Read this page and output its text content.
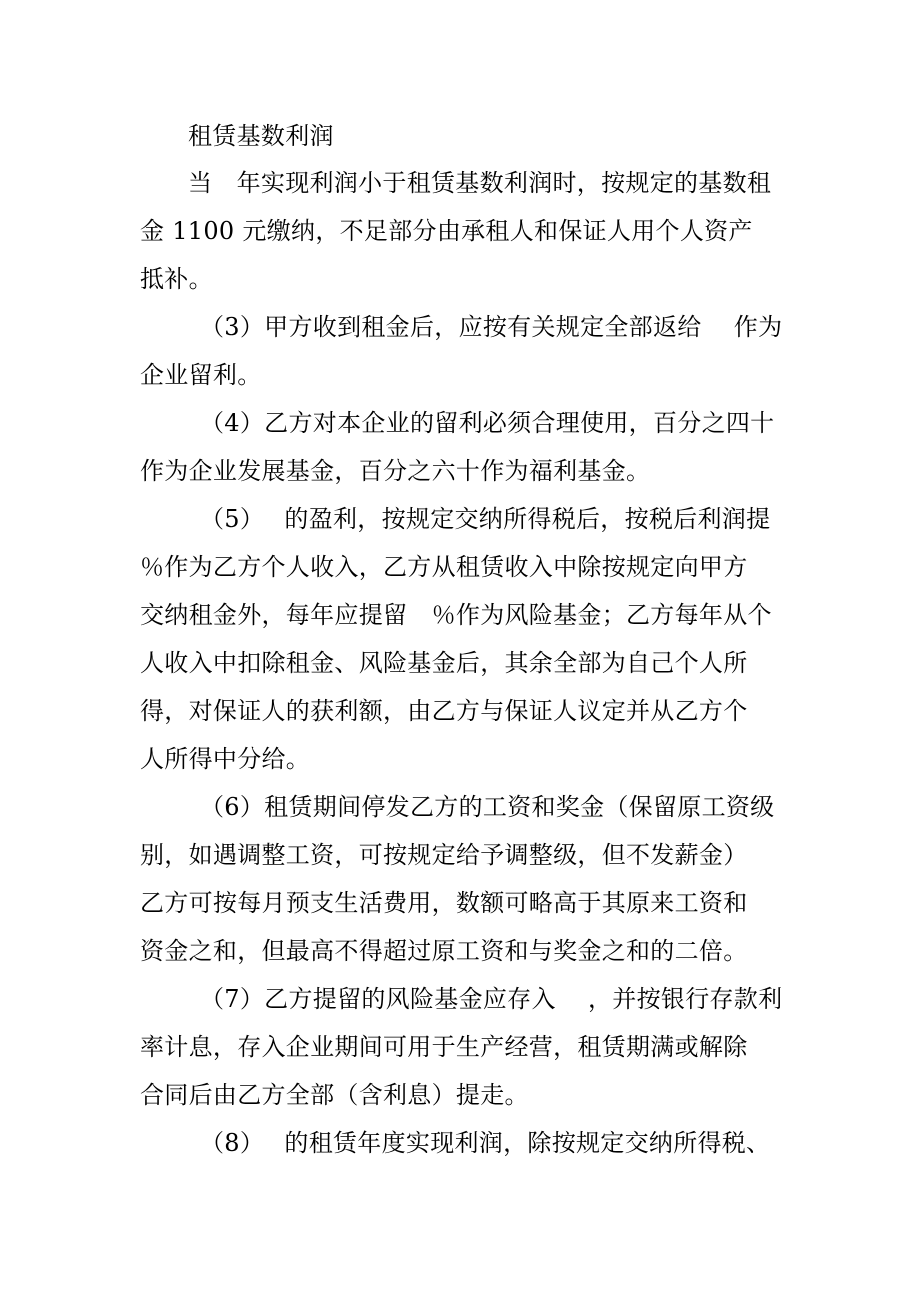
租赁基数利润
当　年实现利润小于租赁基数利润时，按规定的基数租
金 1100 元缴纳，不足部分由承租人和保证人用个人资产
抵补。
（3）甲方收到租金后，应按有关规定全部返给　 作为
企业留利。
（4）乙方对本企业的留利必须合理使用，百分之四十
作为企业发展基金，百分之六十作为福利基金。
（5）　 的盈利，按规定交纳所得税后，按税后利润提
％作为乙方个人收入，乙方从租赁收入中除按规定向甲方
交纳租金外，每年应提留　％作为风险基金；乙方每年从个
人收入中扣除租金、风险基金后，其余全部为自己个人所
得，对保证人的获利额，由乙方与保证人议定并从乙方个
人所得中分给。
（6）租赁期间停发乙方的工资和奖金（保留原工资级
别，如遇调整工资，可按规定给予调整级，但不发薪金）
乙方可按每月预支生活费用，数额可略高于其原来工资和
资金之和，但最高不得超过原工资和与奖金之和的二倍。
（7）乙方提留的风险基金应存入　 ，并按银行存款利
率计息，存入企业期间可用于生产经营，租赁期满或解除
合同后由乙方全部（含利息）提走。
（8）　 的租赁年度实现利润，除按规定交纳所得税、
